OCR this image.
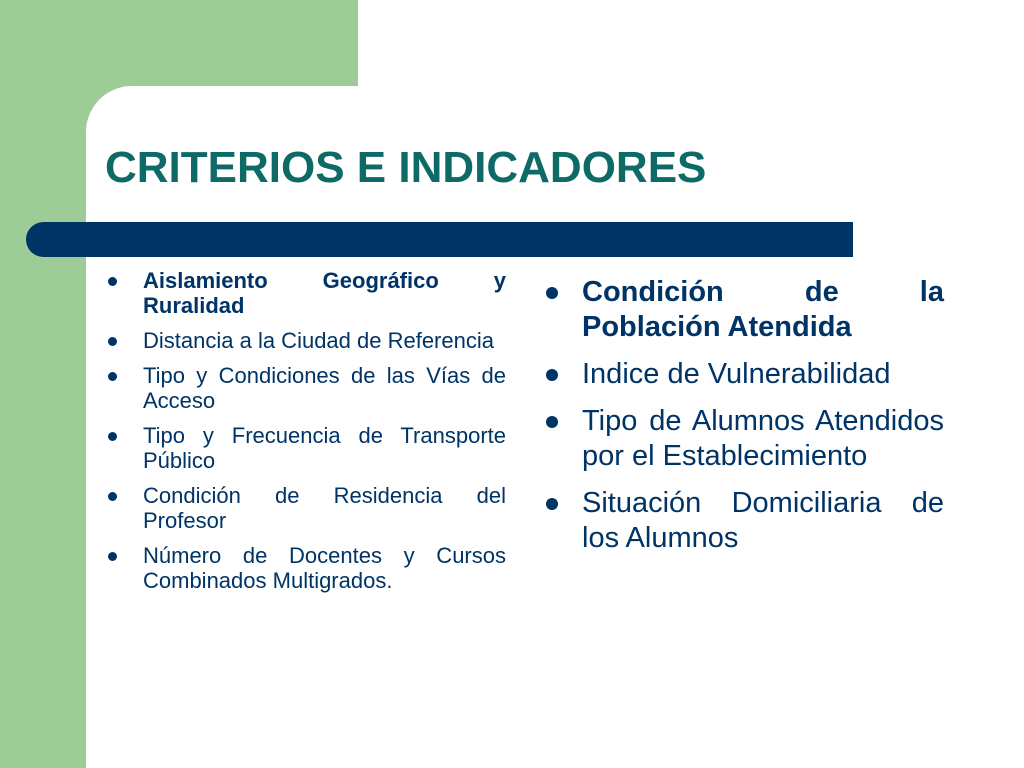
CRITERIOS E INDICADORES
Aislamiento Geográfico y Ruralidad
Distancia a la Ciudad de Referencia
Tipo y Condiciones de las Vías de Acceso
Tipo y Frecuencia de Transporte Público
Condición de Residencia del Profesor
Número de Docentes y Cursos Combinados Multigrados.
Condición de la Población Atendida
Indice de Vulnerabilidad
Tipo de Alumnos Atendidos por el Establecimiento
Situación Domiciliaria de los Alumnos
